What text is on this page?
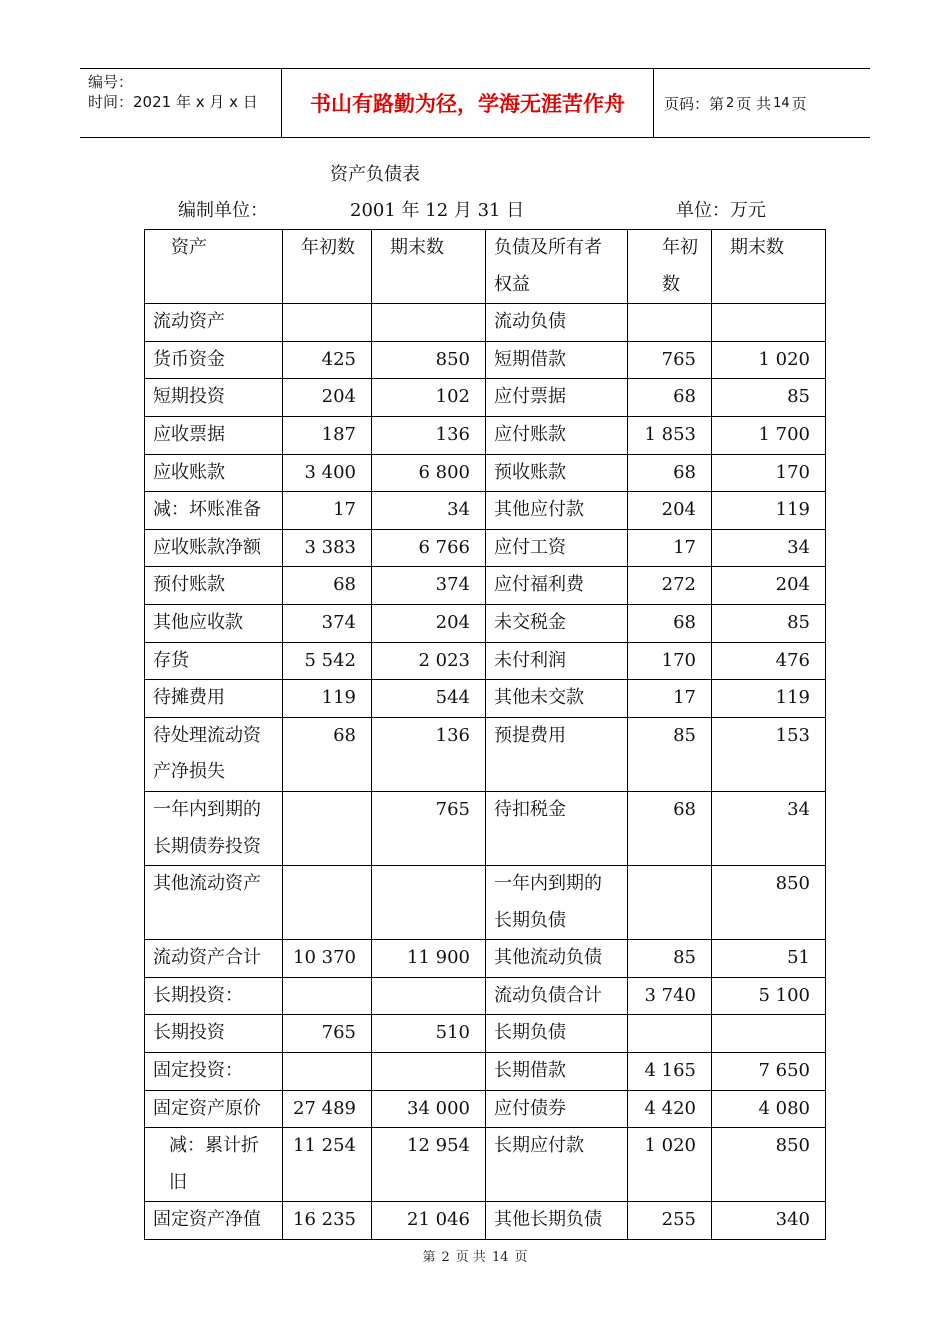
编号：
时间：2021 年 x 月 x 日	书山有路勤为径，学海无涯苦作舟	页码：第 2 页 共 14 页
资产负债表
编制单位：	2001 年 12 月 31 日	单位：万元
资产	年初数	期末数	负债及所有者权益	年初数	期末数
流动资产			流动负债		
货币资金	425	850	短期借款	765	1 020
短期投资	204	102	应付票据	68	85
应收票据	187	136	应付账款	1 853	1 700
应收账款	3 400	6 800	预收账款	68	170
减：坏账准备	17	34	其他应付款	204	119
应收账款净额	3 383	6 766	应付工资	17	34
预付账款	68	374	应付福利费	272	204
其他应收款	374	204	未交税金	68	85
存货	5 542	2 023	未付利润	170	476
待摊费用	119	544	其他未交款	17	119
待处理流动资产净损失	68	136	预提费用	85	153
一年内到期的长期债券投资		765	待扣税金	68	34
其他流动资产			一年内到期的长期负债		850
流动资产合计	10 370	11 900	其他流动负债	85	51
长期投资：			流动负债合计	3 740	5 100
长期投资	765	510	长期负债		
固定投资：			长期借款	4 165	7 650
固定资产原价	27 489	34 000	应付债券	4 420	4 080
减：累计折旧	11 254	12 954	长期应付款	1 020	850
固定资产净值	16 235	21 046	其他长期负债	255	340
第 2 页 共 14 页
